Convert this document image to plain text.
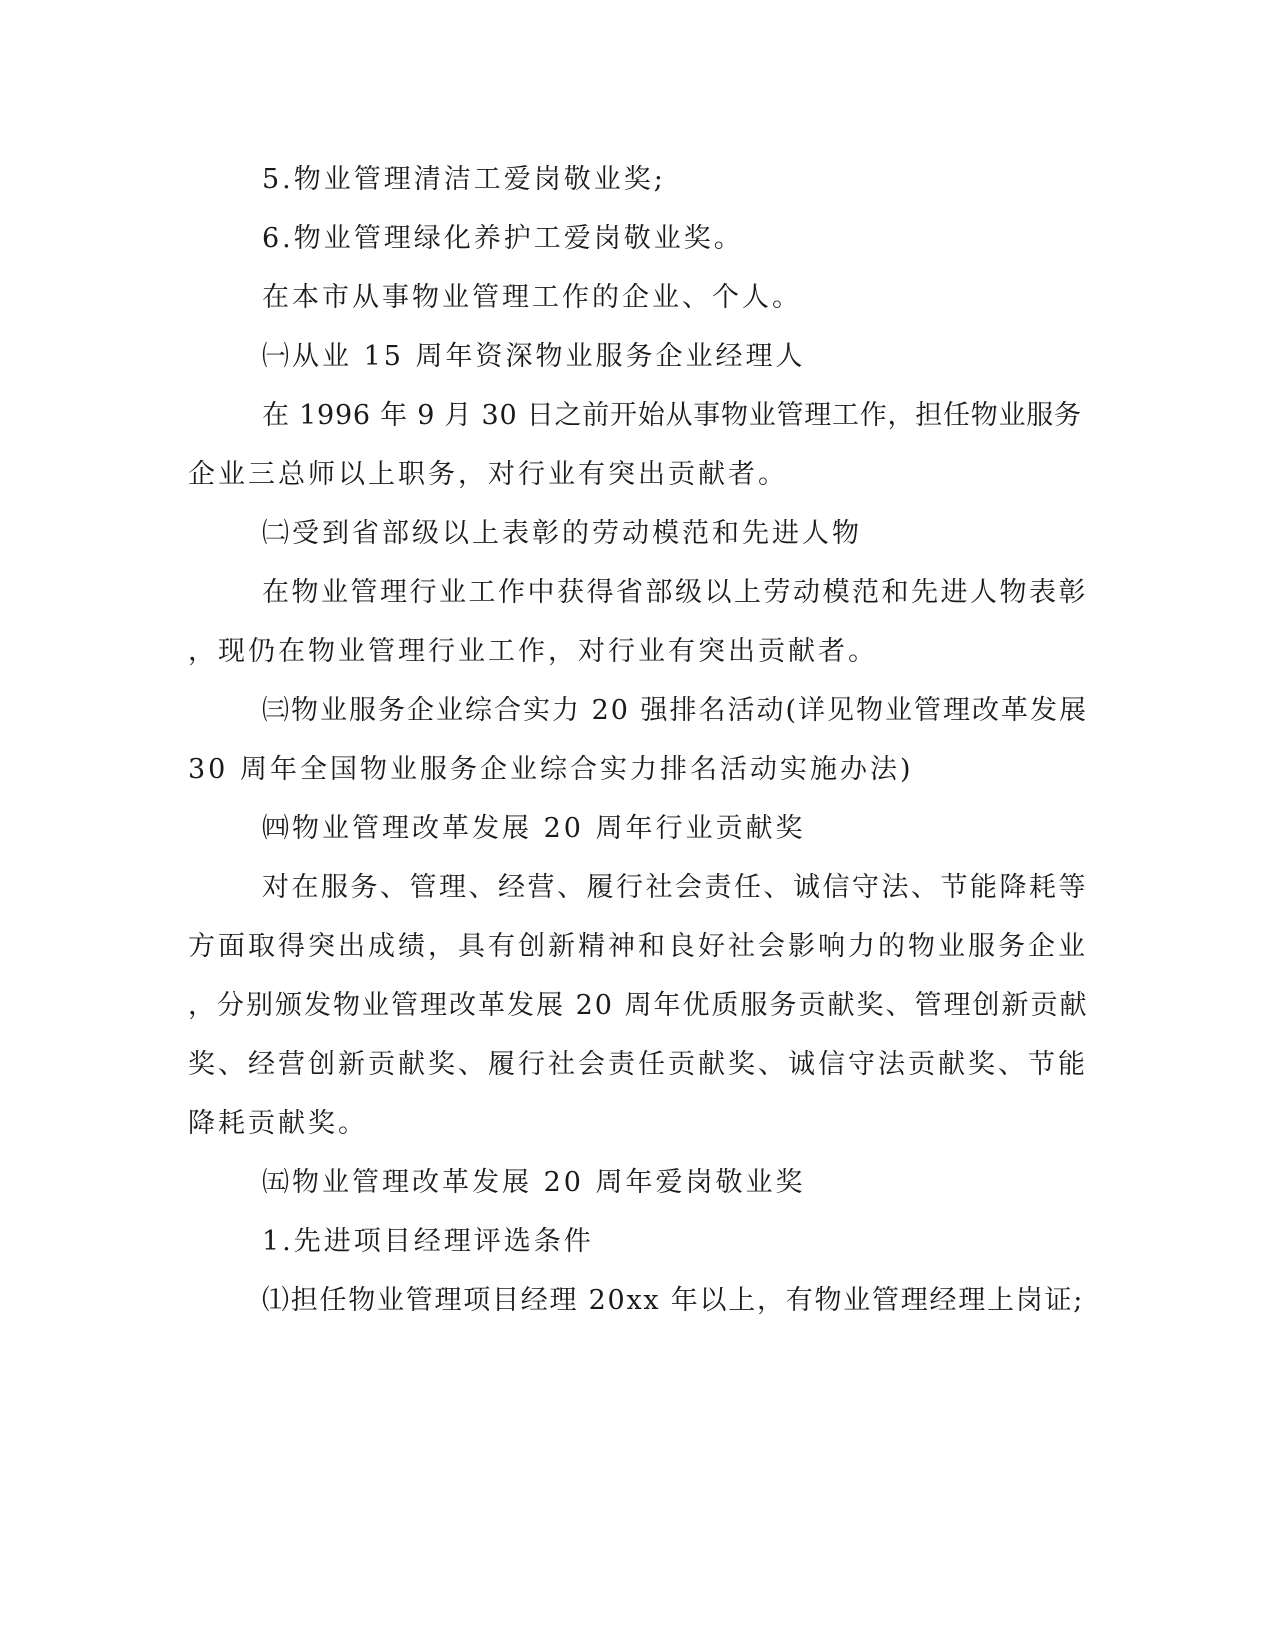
5.物业管理清洁工爱岗敬业奖;
6.物业管理绿化养护工爱岗敬业奖。
在本市从事物业管理工作的企业、个人。
㈠从业 15 周年资深物业服务企业经理人
在 1996 年 9 月 30 日之前开始从事物业管理工作，担任物业服务
企业三总师以上职务，对行业有突出贡献者。
㈡受到省部级以上表彰的劳动模范和先进人物
在物业管理行业工作中获得省部级以上劳动模范和先进人物表彰
，现仍在物业管理行业工作，对行业有突出贡献者。
㈢物业服务企业综合实力 20 强排名活动(详见物业管理改革发展
30 周年全国物业服务企业综合实力排名活动实施办法)
㈣物业管理改革发展 20 周年行业贡献奖
对在服务、管理、经营、履行社会责任、诚信守法、节能降耗等
方面取得突出成绩，具有创新精神和良好社会影响力的物业服务企业
，分别颁发物业管理改革发展 20 周年优质服务贡献奖、管理创新贡献
奖、经营创新贡献奖、履行社会责任贡献奖、诚信守法贡献奖、节能
降耗贡献奖。
㈤物业管理改革发展 20 周年爱岗敬业奖
1.先进项目经理评选条件
⑴担任物业管理项目经理 20xx 年以上，有物业管理经理上岗证;
